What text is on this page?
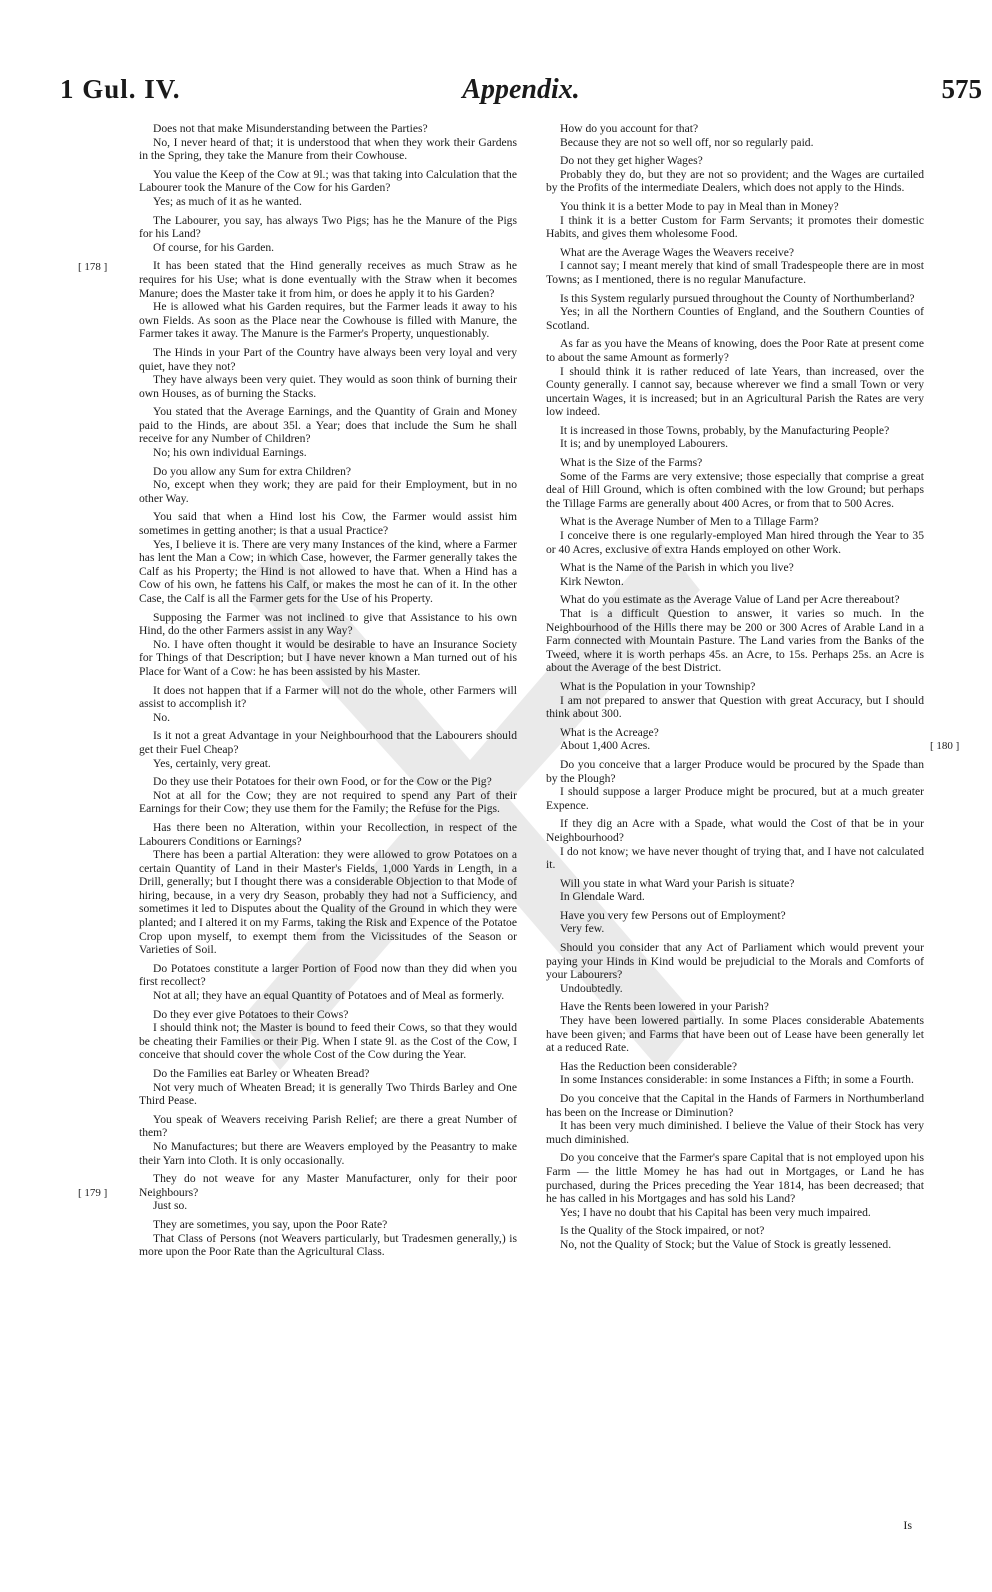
1 Gul. IV.	Appendix.	575
[ 178 ]
[ 179 ]
[ 180 ]

Does not that make Misunderstanding between the Parties?

No, I never heard of that; it is understood that when they work their Gardens in the Spring, they take the Manure from their Cowhouse.

You value the Keep of the Cow at 9l.; was that taking into Calculation that the Labourer took the Manure of the Cow for his Garden?

Yes; as much of it as he wanted.

The Labourer, you say, has always Two Pigs; has he the Manure of the Pigs for his Land?

Of course, for his Garden.

It has been stated that the Hind generally receives as much Straw as he requires for his Use; what is done eventually with the Straw when it becomes Manure; does the Master take it from him, or does he apply it to his Garden?

He is allowed what his Garden requires, but the Farmer leads it away to his own Fields. As soon as the Place near the Cowhouse is filled with Manure, the Farmer takes it away. The Manure is the Farmer's Property, unquestionably.

The Hinds in your Part of the Country have always been very loyal and very quiet, have they not?

They have always been very quiet. They would as soon think of burning their own Houses, as of burning the Stacks.

You stated that the Average Earnings, and the Quantity of Grain and Money paid to the Hinds, are about 35l. a Year; does that include the Sum he shall receive for any Number of Children?

No; his own individual Earnings.

Do you allow any Sum for extra Children?

No, except when they work; they are paid for their Employment, but in no other Way.

You said that when a Hind lost his Cow, the Farmer would assist him sometimes in getting another; is that a usual Practice?

Yes, I believe it is. There are very many Instances of the kind, where a Farmer has lent the Man a Cow; in which Case, however, the Farmer generally takes the Calf as his Property; the Hind is not allowed to have that. When a Hind has a Cow of his own, he fattens his Calf, or makes the most he can of it. In the other Case, the Calf is all the Farmer gets for the Use of his Property.

Supposing the Farmer was not inclined to give that Assistance to his own Hind, do the other Farmers assist in any Way?

No. I have often thought it would be desirable to have an Insurance Society for Things of that Description; but I have never known a Man turned out of his Place for Want of a Cow: he has been assisted by his Master.

It does not happen that if a Farmer will not do the whole, other Farmers will assist to accomplish it?

No.

Is it not a great Advantage in your Neighbourhood that the Labourers should get their Fuel Cheap?

Yes, certainly, very great.

Do they use their Potatoes for their own Food, or for the Cow or the Pig?

Not at all for the Cow; they are not required to spend any Part of their Earnings for their Cow; they use them for the Family; the Refuse for the Pigs.

Has there been no Alteration, within your Recollection, in respect of the Labourers Conditions or Earnings?

There has been a partial Alteration: they were allowed to grow Potatoes on a certain Quantity of Land in their Master's Fields, 1,000 Yards in Length, in a Drill, generally; but I thought there was a considerable Objection to that Mode of hiring, because, in a very dry Season, probably they had not a Sufficiency, and sometimes it led to Disputes about the Quality of the Ground in which they were planted; and I altered it on my Farms, taking the Risk and Expence of the Potatoe Crop upon myself, to exempt them from the Vicissitudes of the Season or Varieties of Soil.

Do Potatoes constitute a larger Portion of Food now than they did when you first recollect?

Not at all; they have an equal Quantity of Potatoes and of Meal as formerly.

Do they ever give Potatoes to their Cows?

I should think not; the Master is bound to feed their Cows, so that they would be cheating their Families or their Pig. When I state 9l. as the Cost of the Cow, I conceive that should cover the whole Cost of the Cow during the Year.

Do the Families eat Barley or Wheaten Bread?

Not very much of Wheaten Bread; it is generally Two Thirds Barley and One Third Pease.

You speak of Weavers receiving Parish Relief; are there a great Number of them?

No Manufactures; but there are Weavers employed by the Peasantry to make their Yarn into Cloth. It is only occasionally.

They do not weave for any Master Manufacturer, only for their poor Neighbours?

Just so.

They are sometimes, you say, upon the Poor Rate?

That Class of Persons (not Weavers particularly, but Tradesmen generally,) is more upon the Poor Rate than the Agricultural Class.

How do you account for that?

Because they are not so well off, nor so regularly paid.

Do not they get higher Wages?

Probably they do, but they are not so provident; and the Wages are curtailed by the Profits of the intermediate Dealers, which does not apply to the Hinds.

You think it is a better Mode to pay in Meal than in Money?

I think it is a better Custom for Farm Servants; it promotes their domestic Habits, and gives them wholesome Food.

What are the Average Wages the Weavers receive?

I cannot say; I meant merely that kind of small Tradespeople there are in most Towns; as I mentioned, there is no regular Manufacture.

Is this System regularly pursued throughout the County of Northumberland?

Yes; in all the Northern Counties of England, and the Southern Counties of Scotland.

As far as you have the Means of knowing, does the Poor Rate at present come to about the same Amount as formerly?

I should think it is rather reduced of late Years, than increased, over the County generally. I cannot say, because wherever we find a small Town or very uncertain Wages, it is increased; but in an Agricultural Parish the Rates are very low indeed.

It is increased in those Towns, probably, by the Manufacturing People?

It is; and by unemployed Labourers.

What is the Size of the Farms?

Some of the Farms are very extensive; those especially that comprise a great deal of Hill Ground, which is often combined with the low Ground; but perhaps the Tillage Farms are generally about 400 Acres, or from that to 500 Acres.

What is the Average Number of Men to a Tillage Farm?

I conceive there is one regularly-employed Man hired through the Year to 35 or 40 Acres, exclusive of extra Hands employed on other Work.

What is the Name of the Parish in which you live?

Kirk Newton.

What do you estimate as the Average Value of Land per Acre thereabout?

That is a difficult Question to answer, it varies so much. In the Neighbourhood of the Hills there may be 200 or 300 Acres of Arable Land in a Farm connected with Mountain Pasture. The Land varies from the Banks of the Tweed, where it is worth perhaps 45s. an Acre, to 15s. Perhaps 25s. an Acre is about the Average of the best District.

What is the Population in your Township?

I am not prepared to answer that Question with great Accuracy, but I should think about 300.

What is the Acreage?

About 1,400 Acres.

Do you conceive that a larger Produce would be procured by the Spade than by the Plough?

I should suppose a larger Produce might be procured, but at a much greater Expence.

If they dig an Acre with a Spade, what would the Cost of that be in your Neighbourhood?

I do not know; we have never thought of trying that, and I have not calculated it.

Will you state in what Ward your Parish is situate?

In Glendale Ward.

Have you very few Persons out of Employment?

Very few.

Should you consider that any Act of Parliament which would prevent your paying your Hinds in Kind would be prejudicial to the Morals and Comforts of your Labourers?

Undoubtedly.

Have the Rents been lowered in your Parish?

They have been lowered partially. In some Places considerable Abatements have been given; and Farms that have been out of Lease have been generally let at a reduced Rate.

Has the Reduction been considerable?

In some Instances considerable: in some Instances a Fifth; in some a Fourth.

Do you conceive that the Capital in the Hands of Farmers in Northumberland has been on the Increase or Diminution?

It has been very much diminished. I believe the Value of their Stock has very much diminished.

Do you conceive that the Farmer's spare Capital that is not employed upon his Farm — the little Momey he has had out in Mortgages, or Land he has purchased, during the Prices preceding the Year 1814, has been decreased; that he has called in his Mortgages and has sold his Land?

Yes; I have no doubt that his Capital has been very much impaired.

Is the Quality of the Stock impaired, or not?

No, not the Quality of Stock; but the Value of Stock is greatly lessened.

Is
